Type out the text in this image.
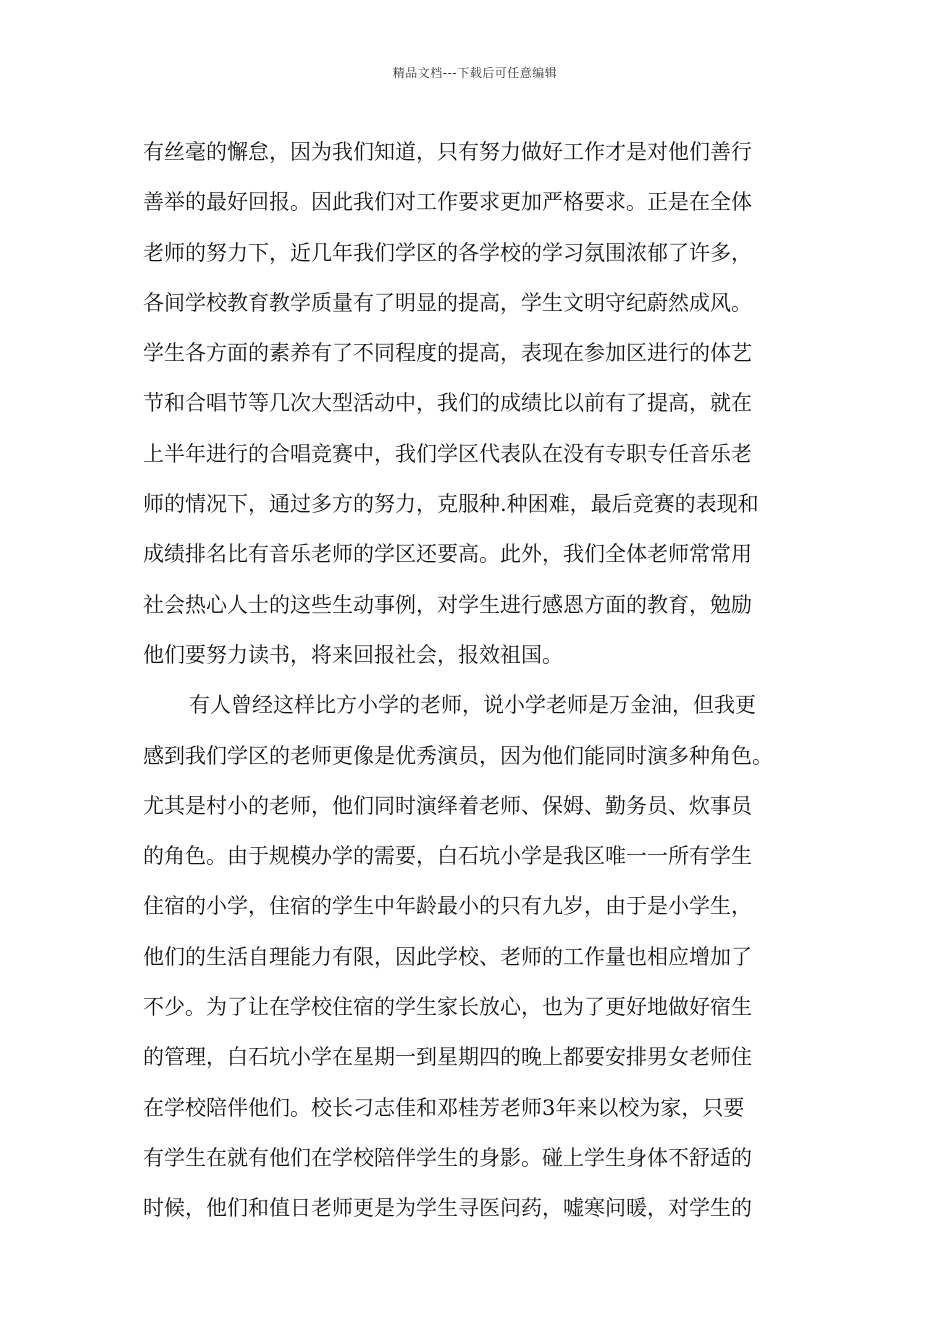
精品文档---下载后可任意编辑
有丝毫的懈怠，因为我们知道，只有努力做好工作才是对他们善行
善举的最好回报。因此我们对工作要求更加严格要求。正是在全体
老师的努力下，近几年我们学区的各学校的学习氛围浓郁了许多，
各间学校教育教学质量有了明显的提高，学生文明守纪蔚然成风。
学生各方面的素养有了不同程度的提高，表现在参加区进行的体艺
节和合唱节等几次大型活动中，我们的成绩比以前有了提高，就在
上半年进行的合唱竞赛中，我们学区代表队在没有专职专任音乐老
师的情况下，通过多方的努力，克服种.种困难，最后竞赛的表现和
成绩排名比有音乐老师的学区还要高。此外，我们全体老师常常用
社会热心人士的这些生动事例，对学生进行感恩方面的教育，勉励
他们要努力读书，将来回报社会，报效祖国。
有人曾经这样比方小学的老师，说小学老师是万金油，但我更
感到我们学区的老师更像是优秀演员，因为他们能同时演多种角色。
尤其是村小的老师，他们同时演绎着老师、保姆、勤务员、炊事员
的角色。由于规模办学的需要，白石坑小学是我区唯一一所有学生
住宿的小学，住宿的学生中年龄最小的只有九岁，由于是小学生，
他们的生活自理能力有限，因此学校、老师的工作量也相应增加了
不少。为了让在学校住宿的学生家长放心，也为了更好地做好宿生
的管理，白石坑小学在星期一到星期四的晚上都要安排男女老师住
在学校陪伴他们。校长刁志佳和邓桂芳老师3年来以校为家，只要
有学生在就有他们在学校陪伴学生的身影。碰上学生身体不舒适的
时候，他们和值日老师更是为学生寻医问药，嘘寒问暖，对学生的
